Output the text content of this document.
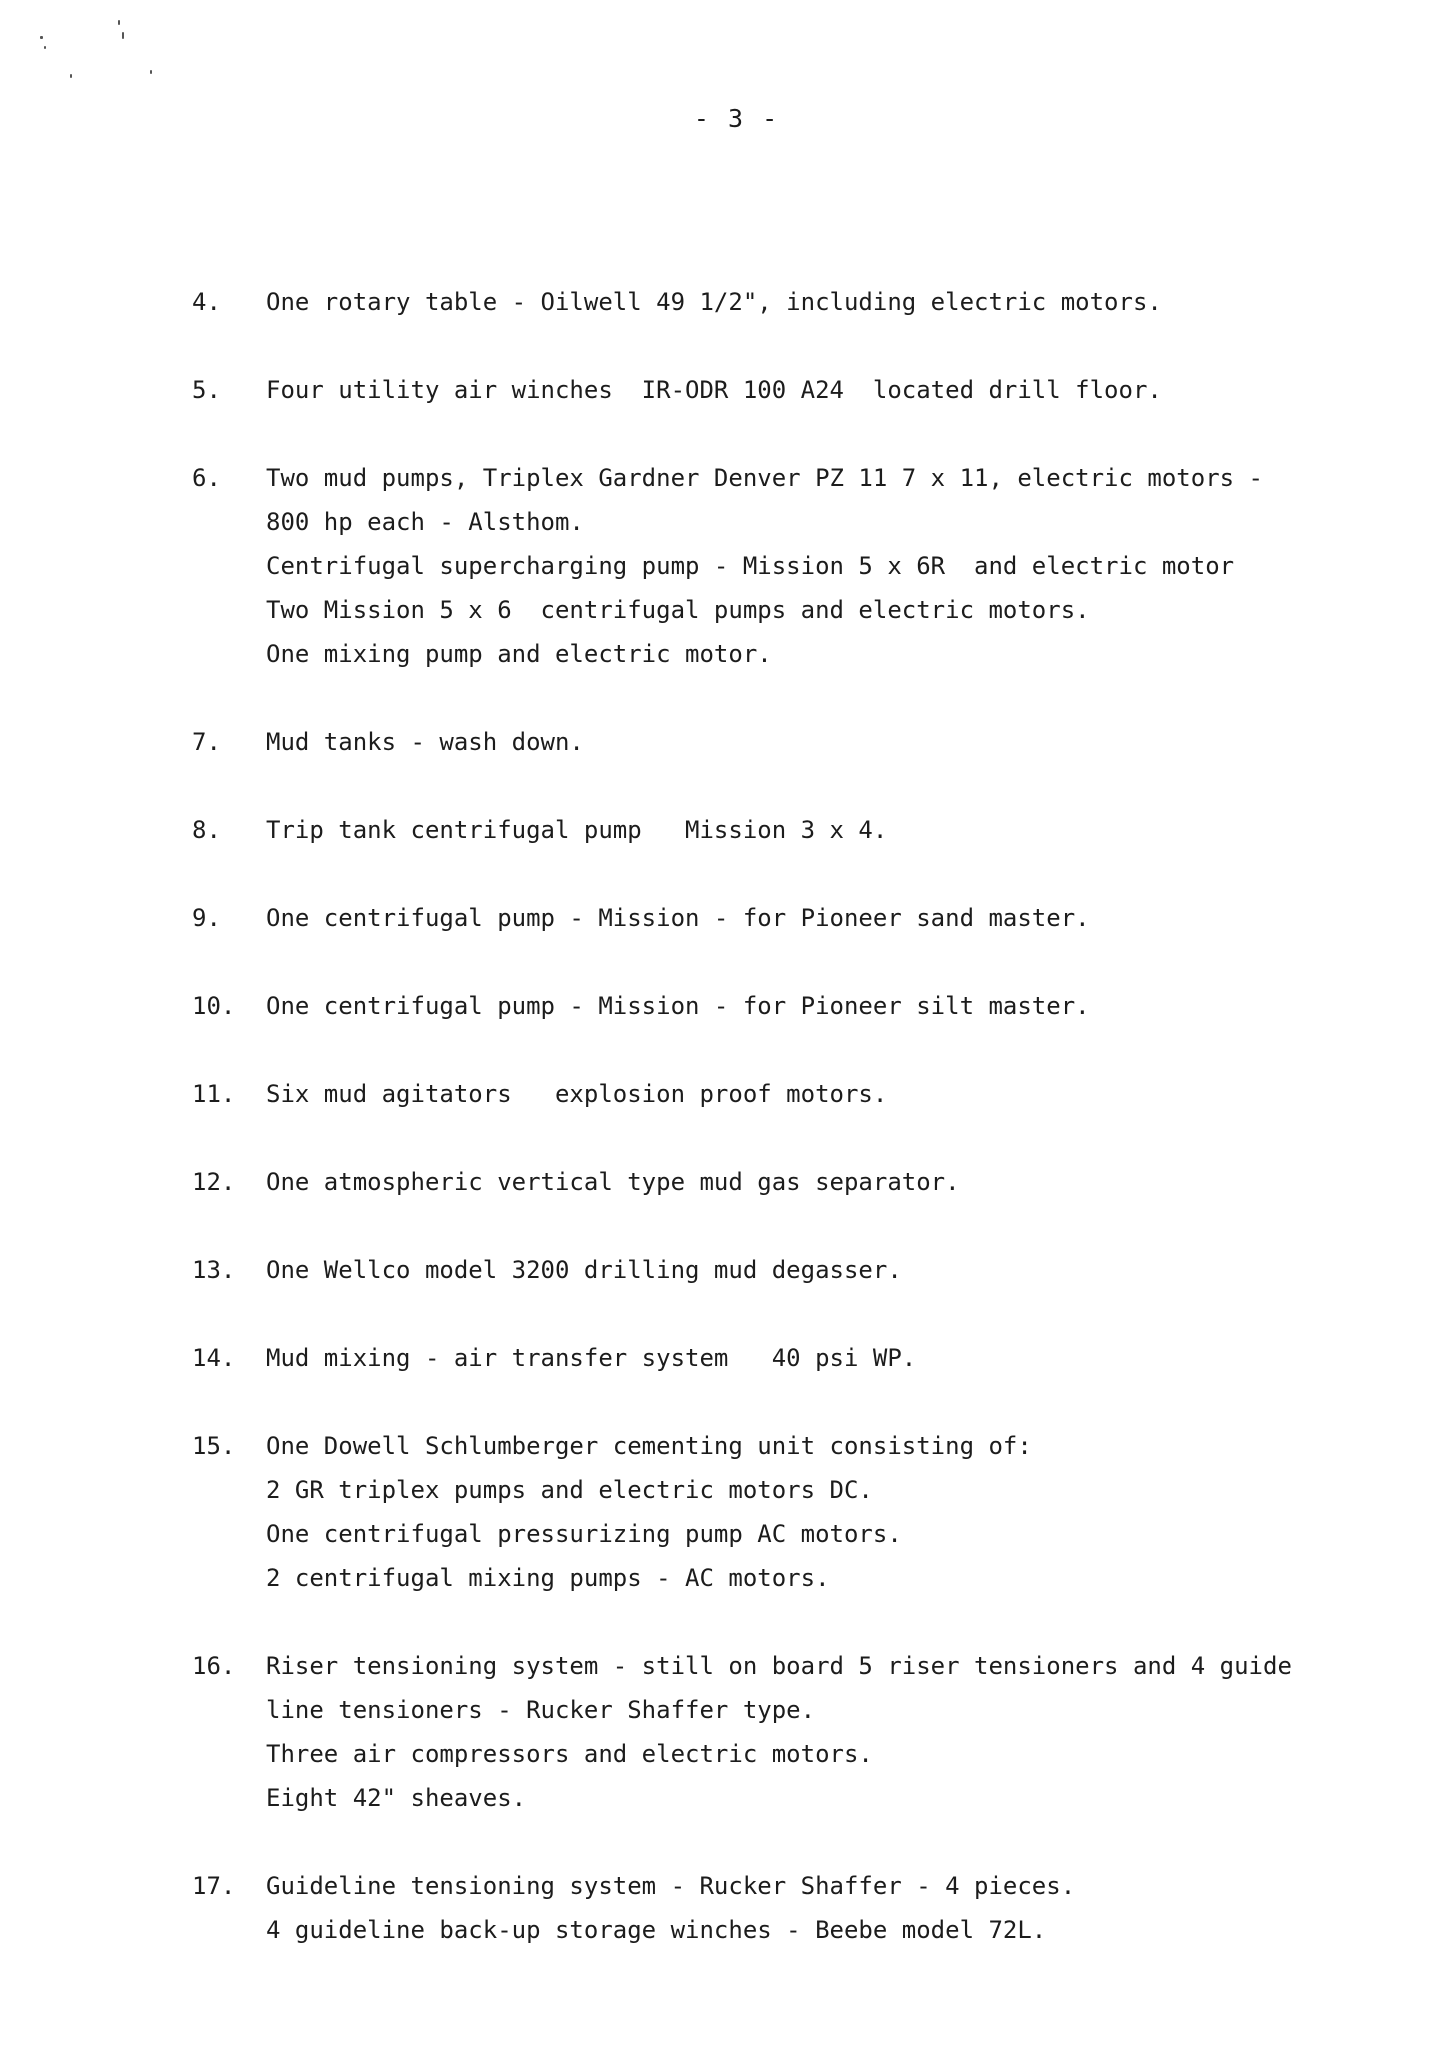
- 3 -
4.	One rotary table - Oilwell 49 1/2", including electric motors.
5.	Four utility air winches  IR-ODR 100 A24  located drill floor.
6.	Two mud pumps, Triplex Gardner Denver PZ 11 7 x 11, electric motors -
800 hp each - Alsthom.
Centrifugal supercharging pump - Mission 5 x 6R  and electric motor
Two Mission 5 x 6  centrifugal pumps and electric motors.
One mixing pump and electric motor.
7.	Mud tanks - wash down.
8.	Trip tank centrifugal pump   Mission 3 x 4.
9.	One centrifugal pump - Mission - for Pioneer sand master.
10.	One centrifugal pump - Mission - for Pioneer silt master.
11.	Six mud agitators   explosion proof motors.
12.	One atmospheric vertical type mud gas separator.
13.	One Wellco model 3200 drilling mud degasser.
14.	Mud mixing - air transfer system   40 psi WP.
15.	One Dowell Schlumberger cementing unit consisting of:
2 GR triplex pumps and electric motors DC.
One centrifugal pressurizing pump AC motors.
2 centrifugal mixing pumps - AC motors.
16.	Riser tensioning system - still on board 5 riser tensioners and 4 guide
line tensioners - Rucker Shaffer type.
Three air compressors and electric motors.
Eight 42" sheaves.
17.	Guideline tensioning system - Rucker Shaffer - 4 pieces.
4 guideline back-up storage winches - Beebe model 72L.
